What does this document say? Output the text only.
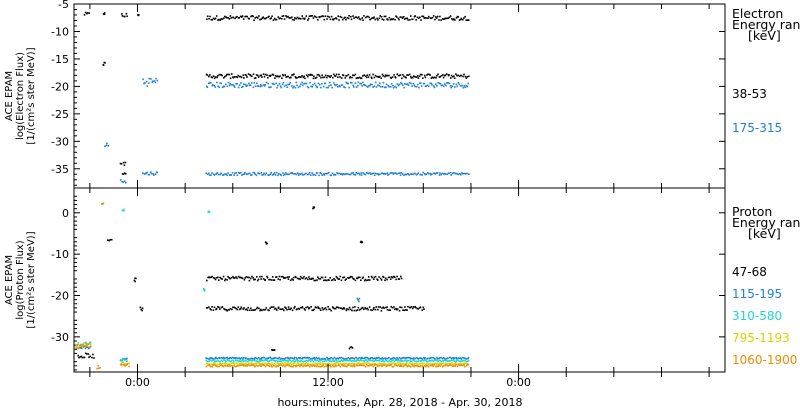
-5
-10
-15
-20
-25
-30
-35
ACE EPAM log(Electron Flux) [1/(cm²s ster MeV)]
Electron
Energy ran
[keV]
38-53
175-315
0
-10
-20
-30
ACE EPAM log(Proton Flux) [1/(cm²s ster MeV)]
Proton
Energy ran
[keV]
47-68
115-195
310-580
795-1193
1060-1900
0:00	12:00	0:00
hours:minutes, Apr. 28, 2018 - Apr. 30, 2018
